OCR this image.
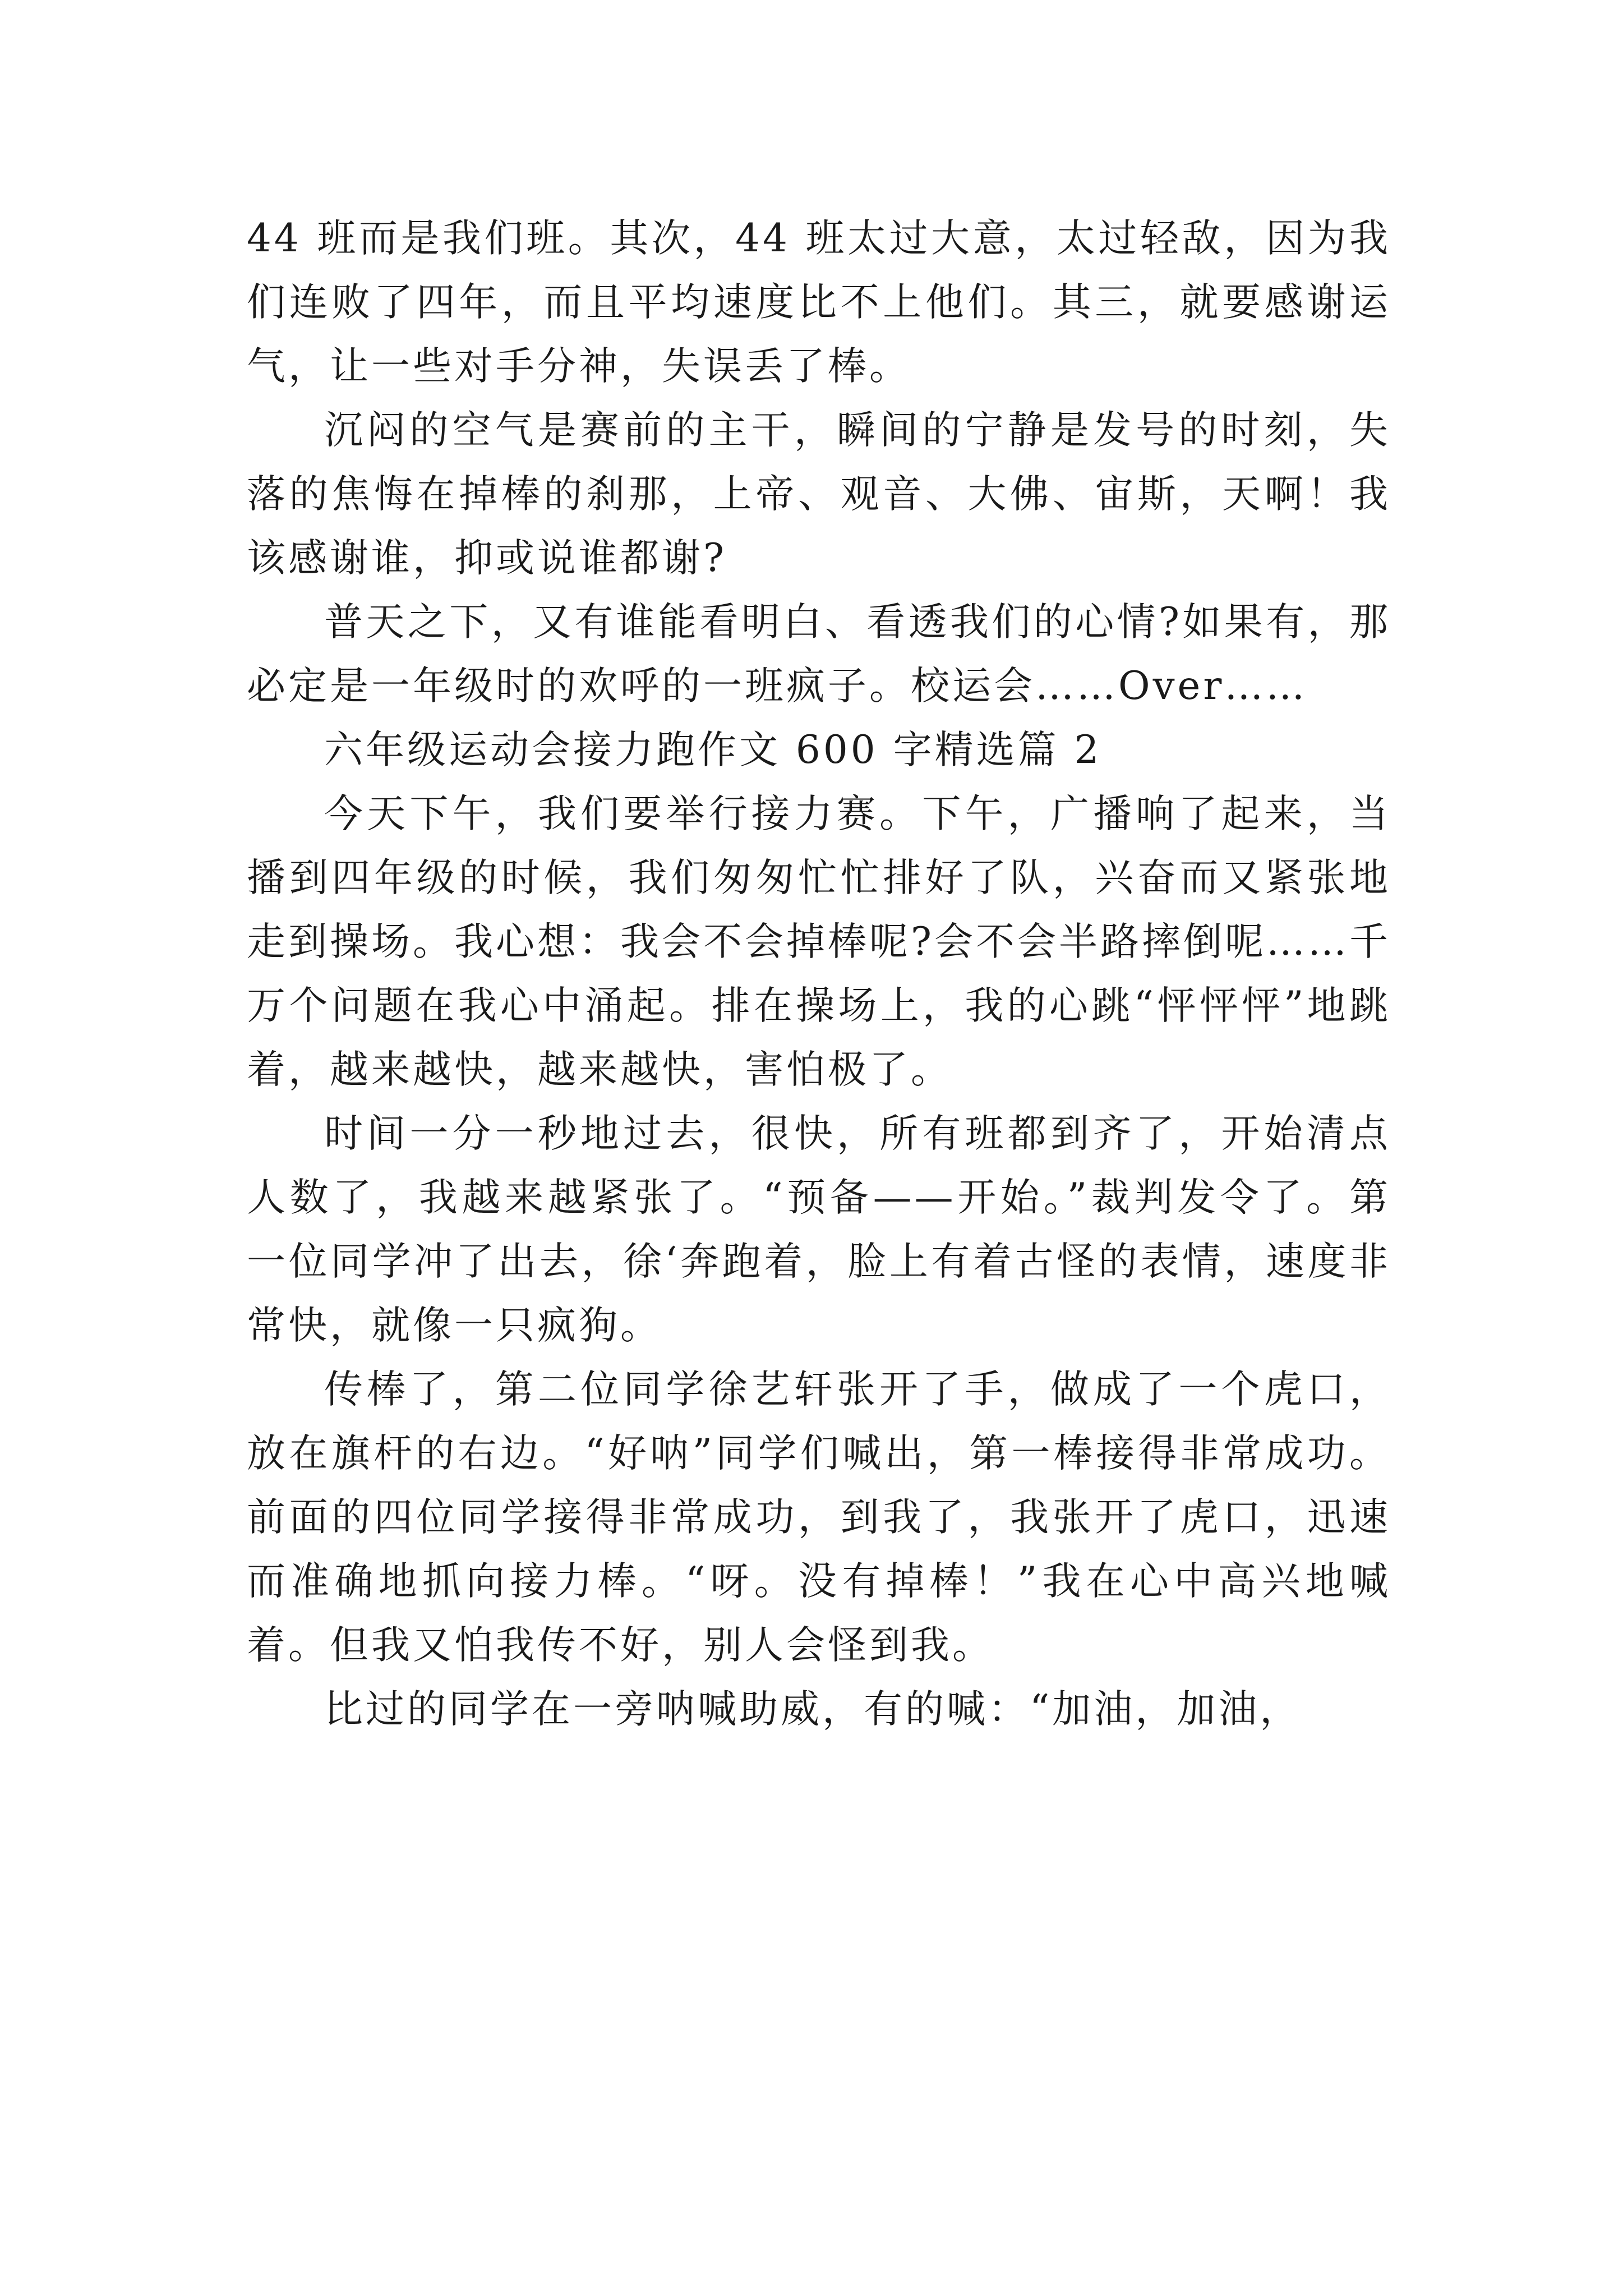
44 班而是我们班。其次，44 班太过大意，太过轻敌，因为我们连败了四年，而且平均速度比不上他们。其三，就要感谢运气，让一些对手分神，失误丢了棒。

沉闷的空气是赛前的主干，瞬间的宁静是发号的时刻，失落的焦悔在掉棒的刹那，上帝、观音、大佛、宙斯，天啊！我该感谢谁，抑或说谁都谢?

普天之下，又有谁能看明白、看透我们的心情?如果有，那必定是一年级时的欢呼的一班疯子。校运会……Over……

六年级运动会接力跑作文 600 字精选篇 2

今天下午，我们要举行接力赛。下午，广播响了起来，当播到四年级的时候，我们匆匆忙忙排好了队，兴奋而又紧张地走到操场。我心想：我会不会掉棒呢?会不会半路摔倒呢……千万个问题在我心中涌起。排在操场上，我的心跳“怦怦怦”地跳着，越来越快，越来越快，害怕极了。

时间一分一秒地过去，很快，所有班都到齐了，开始清点人数了，我越来越紧张了。“预备——开始。”裁判发令了。第一位同学冲了出去，徐‘奔跑着，脸上有着古怪的表情，速度非常快，就像一只疯狗。

传棒了，第二位同学徐艺轩张开了手，做成了一个虎口，放在旗杆的右边。“好呐”同学们喊出，第一棒接得非常成功。前面的四位同学接得非常成功，到我了，我张开了虎口，迅速而准确地抓向接力棒。“呀。没有掉棒！”我在心中高兴地喊着。但我又怕我传不好，别人会怪到我。

比过的同学在一旁呐喊助威，有的喊：“加油，加油，
